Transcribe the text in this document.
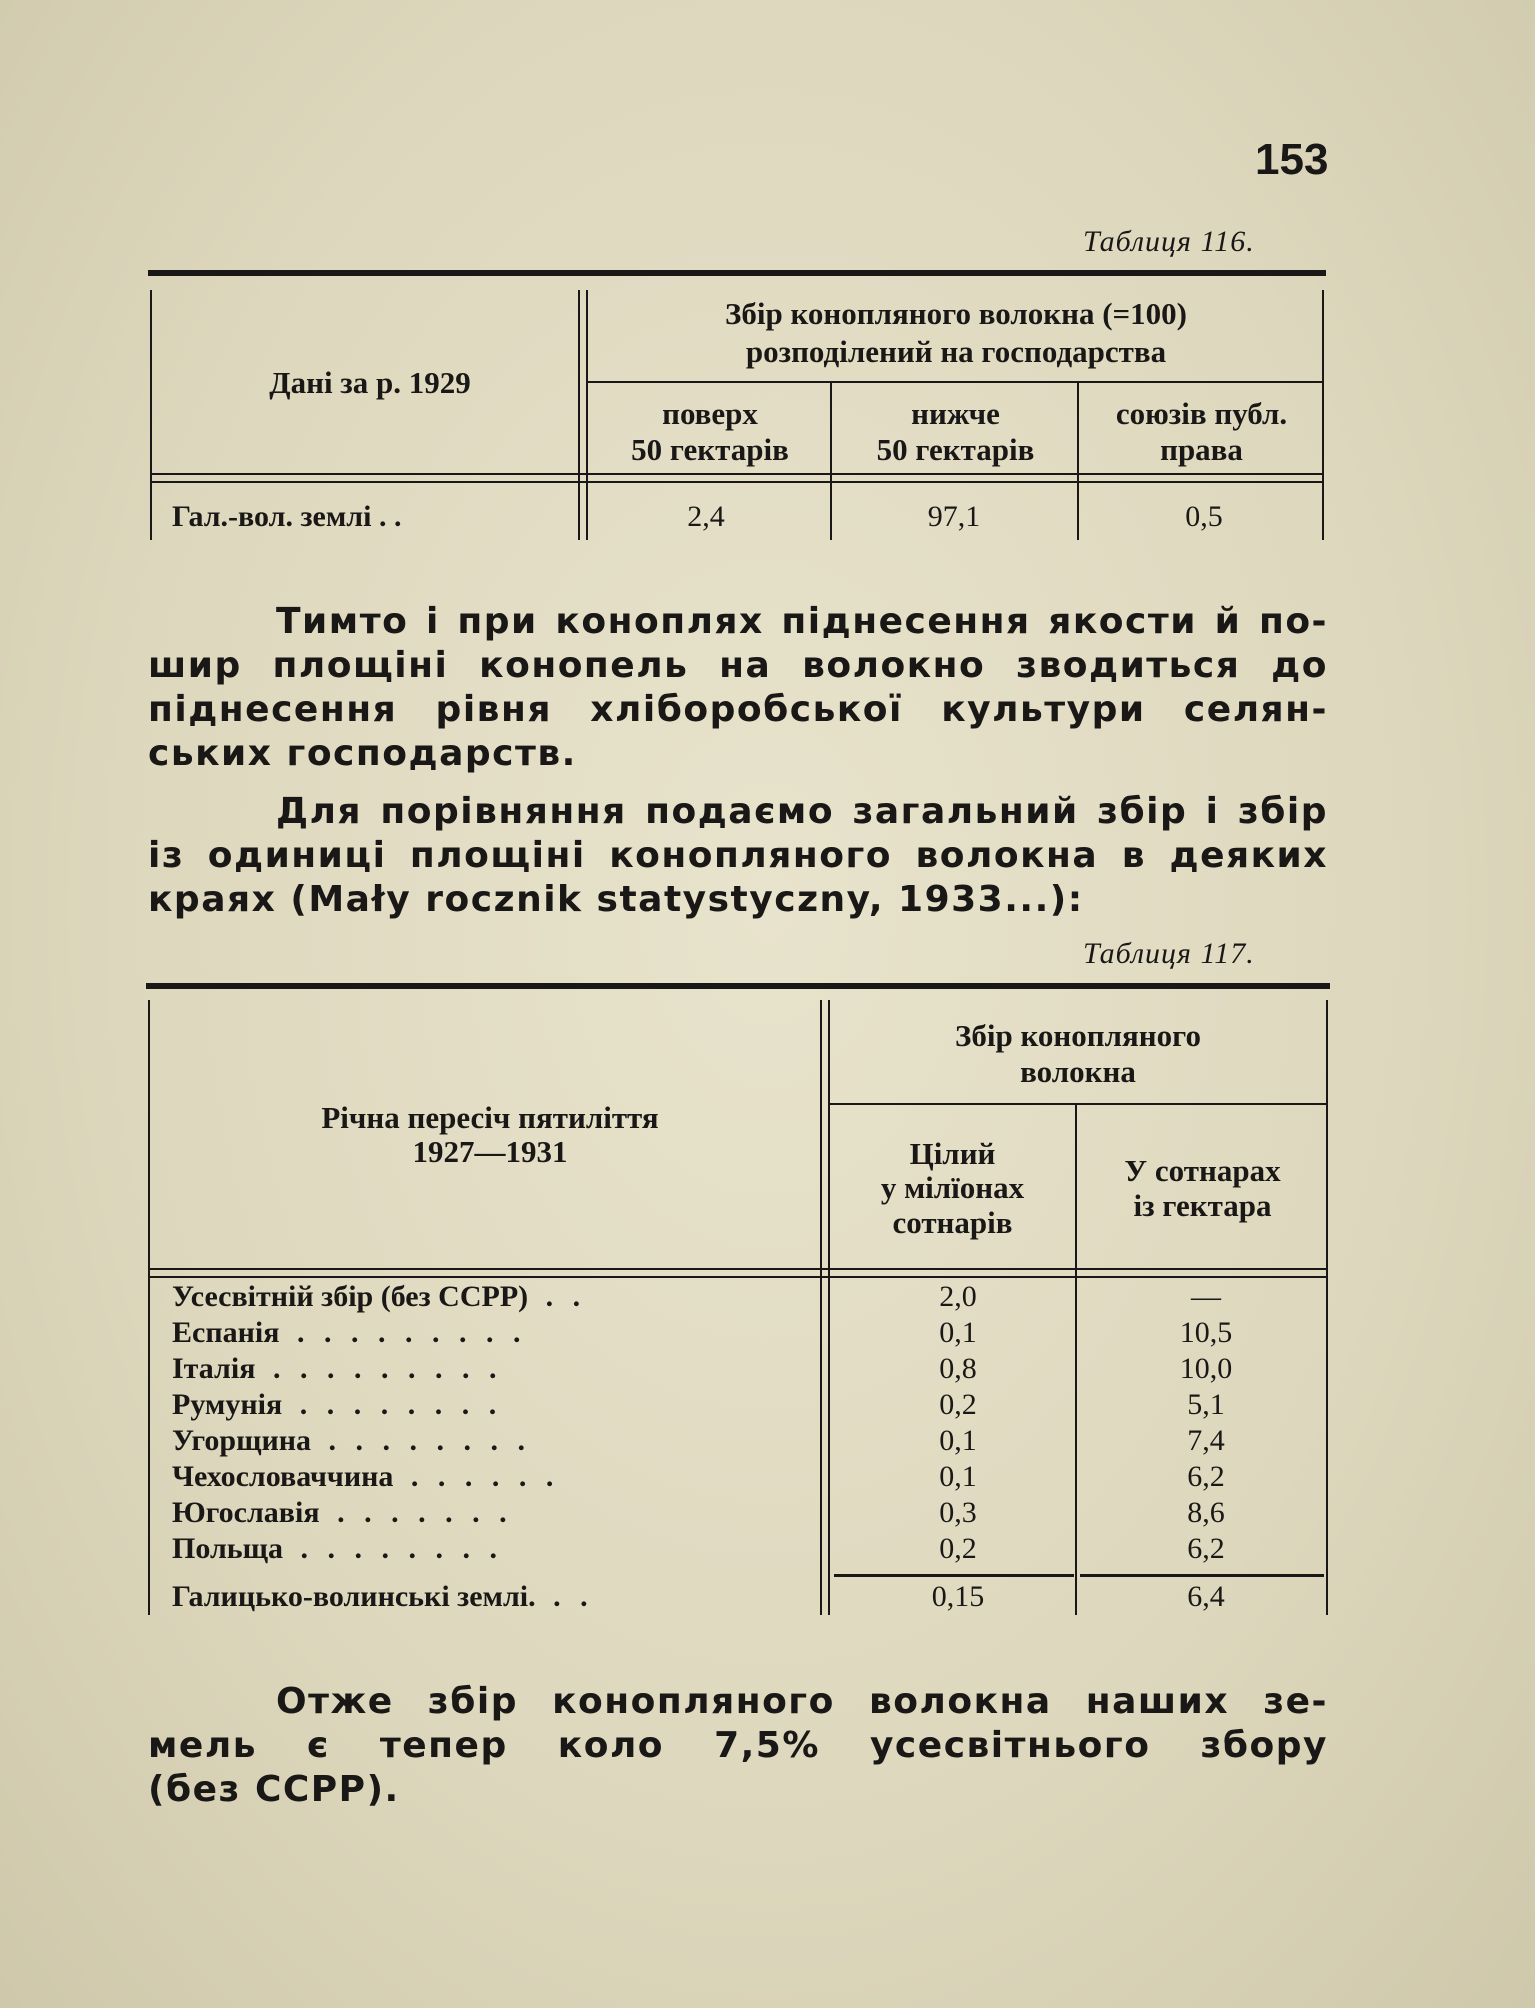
153
Таблиця 116.
Дані за р. 1929
Збір конопляного волокна (=100)
розподілений на господарства
поверх
50 гектарів
нижче
50 гектарів
союзів публ.
права
Гал.-вол. землі . .	2,4	97,1	0,5
Тимто і при коноплях піднесення якости й по-
шир площіні конопель на волокно зводиться до
піднесення рівня хліборобської культури селян-
ських господарств.
Для порівняння подаємо загальний збір і збір
із одиниці площіні конопляного волокна в деяких
краях (Mały rocznik statystyczny, 1933...):
Таблиця 117.
Річна пересіч пятиліття
1927—1931
Збір конопляного
волокна
Цілий
у мілїонах
сотнарів
У сотнарах
із гектара
Усесвітній збір (без ССРР) . .	2,0	—
Еспанія . . . . . . . . .	0,1	10,5
Італія . . . . . . . . .	0,8	10,0
Румунія . . . . . . . .	0,2	5,1
Угорщина . . . . . . . .	0,1	7,4
Чехословаччина . . . . . .	0,1	6,2
Югославія . . . . . . .	0,3	8,6
Польща . . . . . . . .	0,2	6,2
Галицько-волинські землі. . .	0,15	6,4
Отже збір конопляного волокна наших зе-
мель є тепер коло 7,5% усесвітнього збору
(без ССРР).
